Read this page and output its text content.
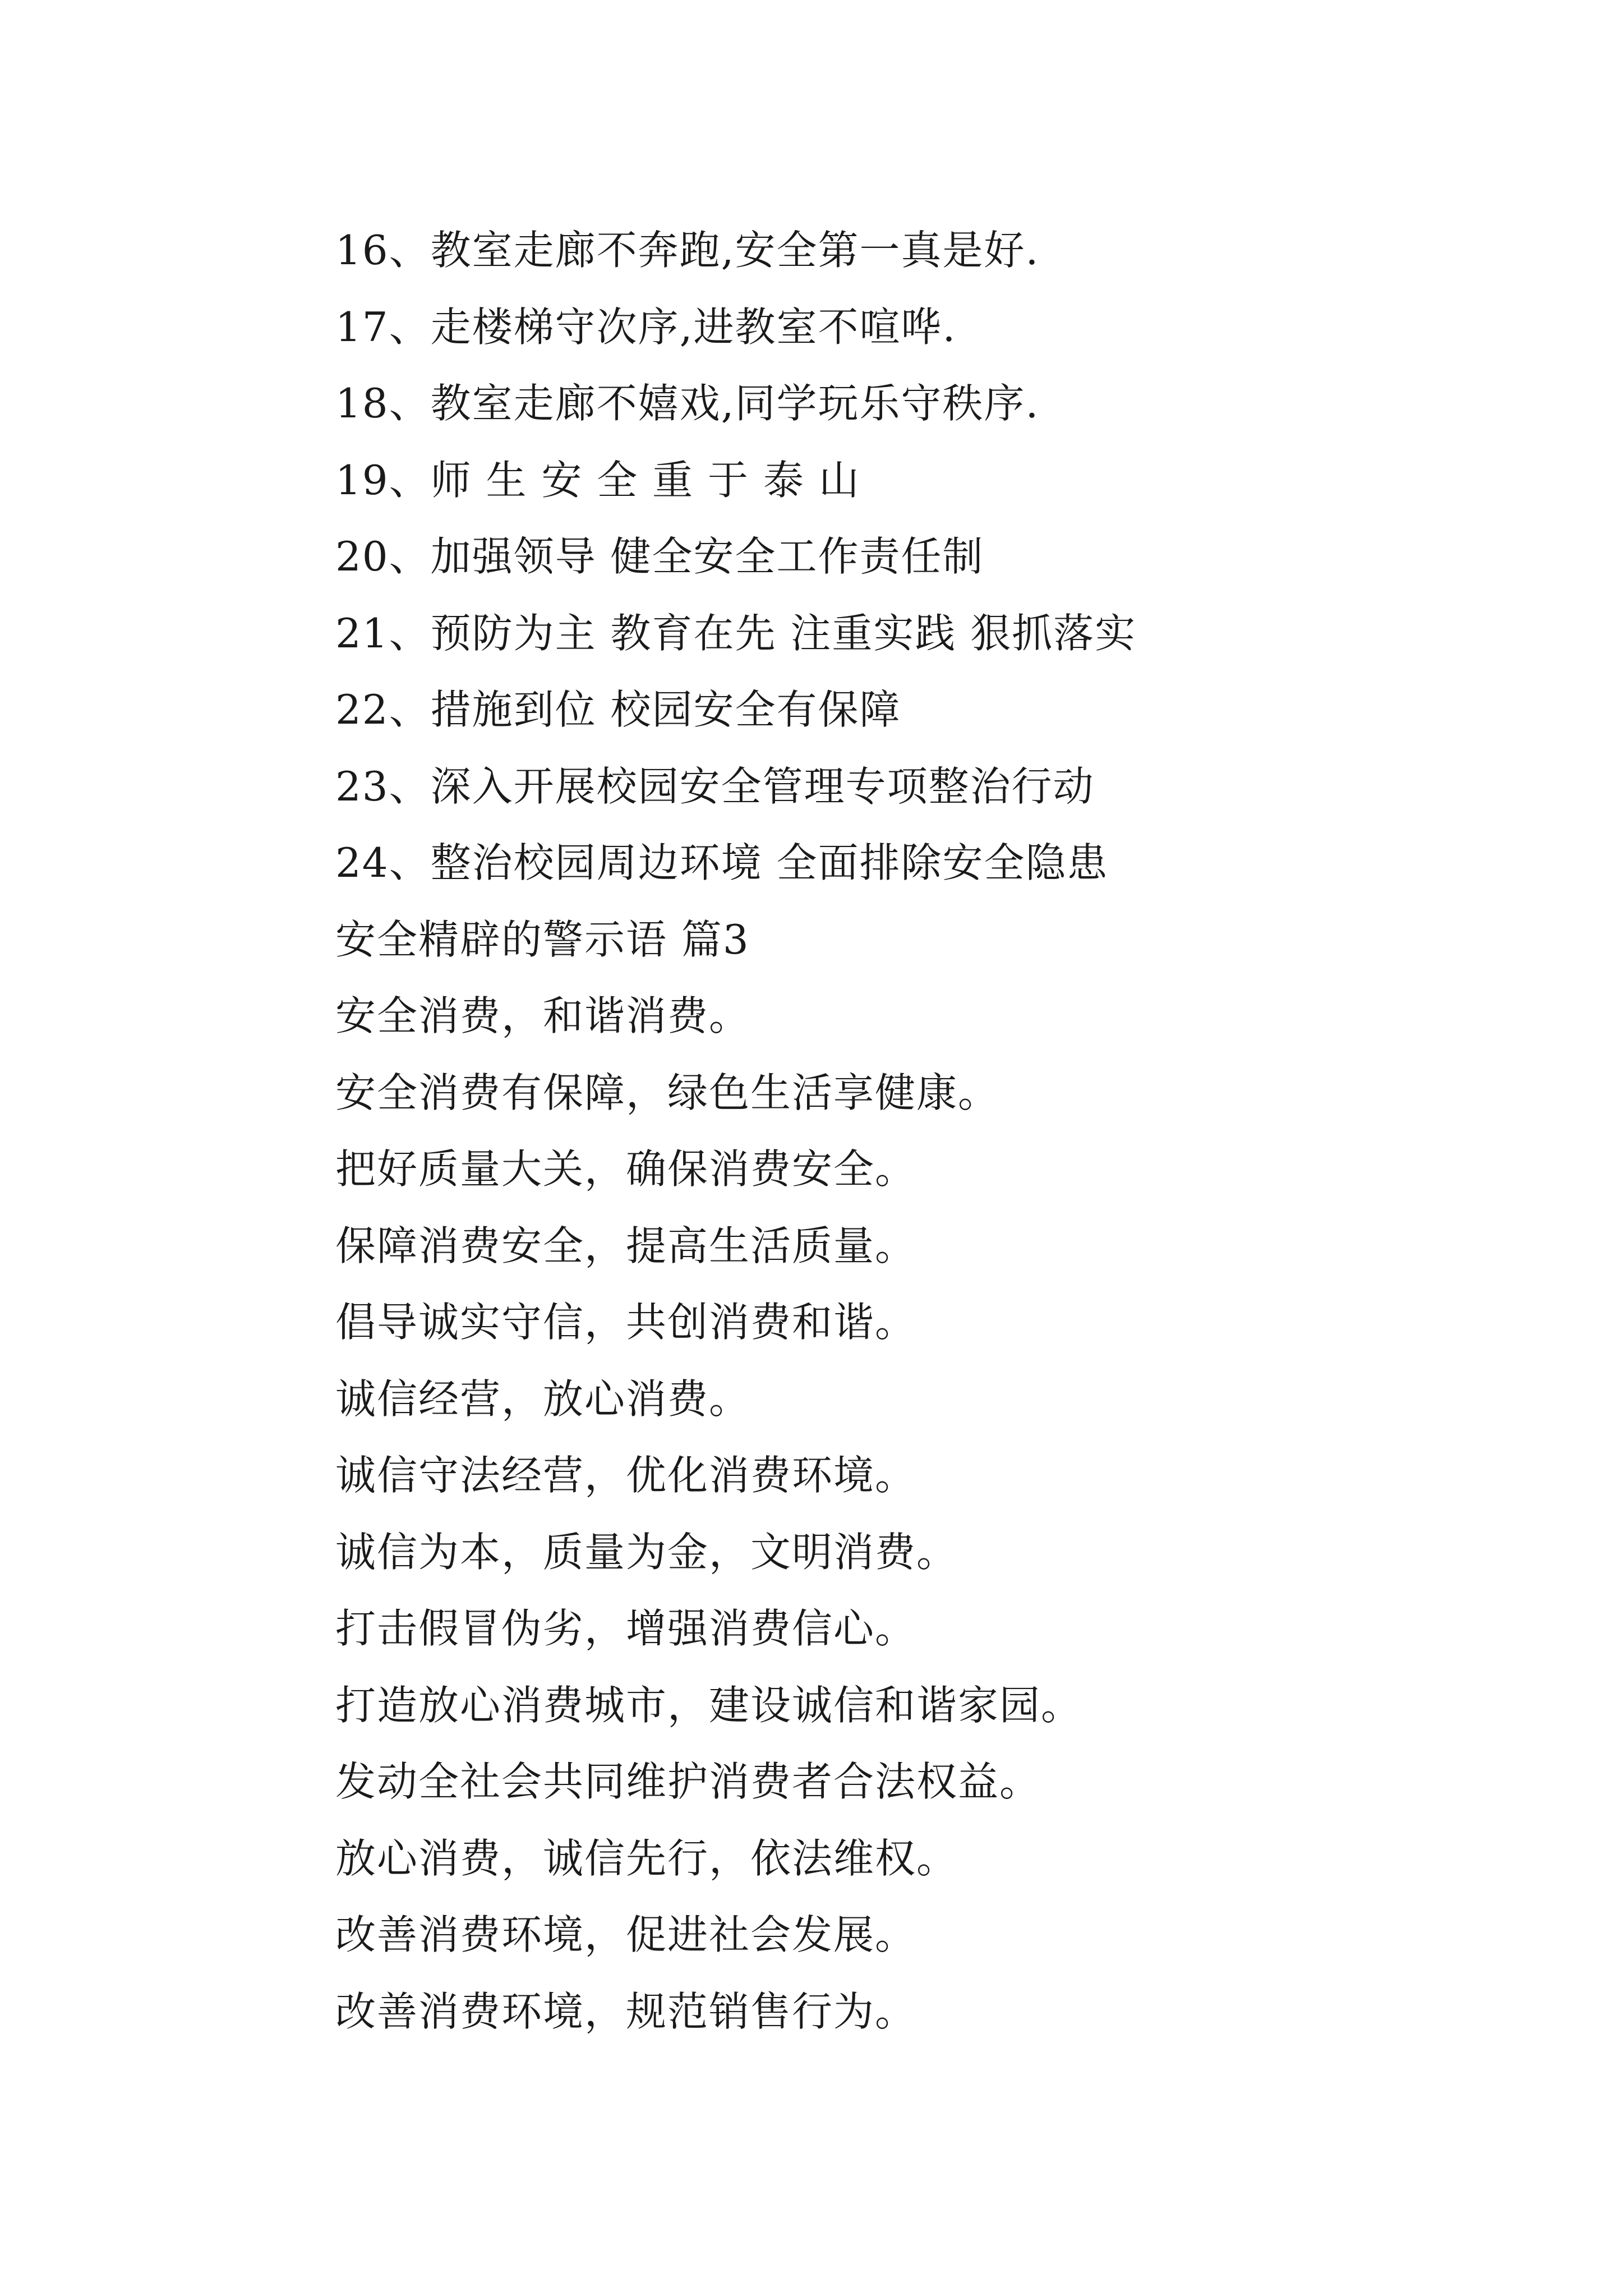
16、教室走廊不奔跑,安全第一真是好.
17、走楼梯守次序,进教室不喧哗.
18、教室走廊不嬉戏,同学玩乐守秩序.
19、师 生 安 全 重 于 泰 山
20、加强领导 健全安全工作责任制
21、预防为主 教育在先 注重实践 狠抓落实
22、措施到位 校园安全有保障
23、深入开展校园安全管理专项整治行动
24、整治校园周边环境 全面排除安全隐患
安全精辟的警示语 篇3
安全消费，和谐消费。
安全消费有保障，绿色生活享健康。
把好质量大关，确保消费安全。
保障消费安全，提高生活质量。
倡导诚实守信，共创消费和谐。
诚信经营，放心消费。
诚信守法经营，优化消费环境。
诚信为本，质量为金，文明消费。
打击假冒伪劣，增强消费信心。
打造放心消费城市，建设诚信和谐家园。
发动全社会共同维护消费者合法权益。
放心消费，诚信先行，依法维权。
改善消费环境，促进社会发展。
改善消费环境，规范销售行为。
